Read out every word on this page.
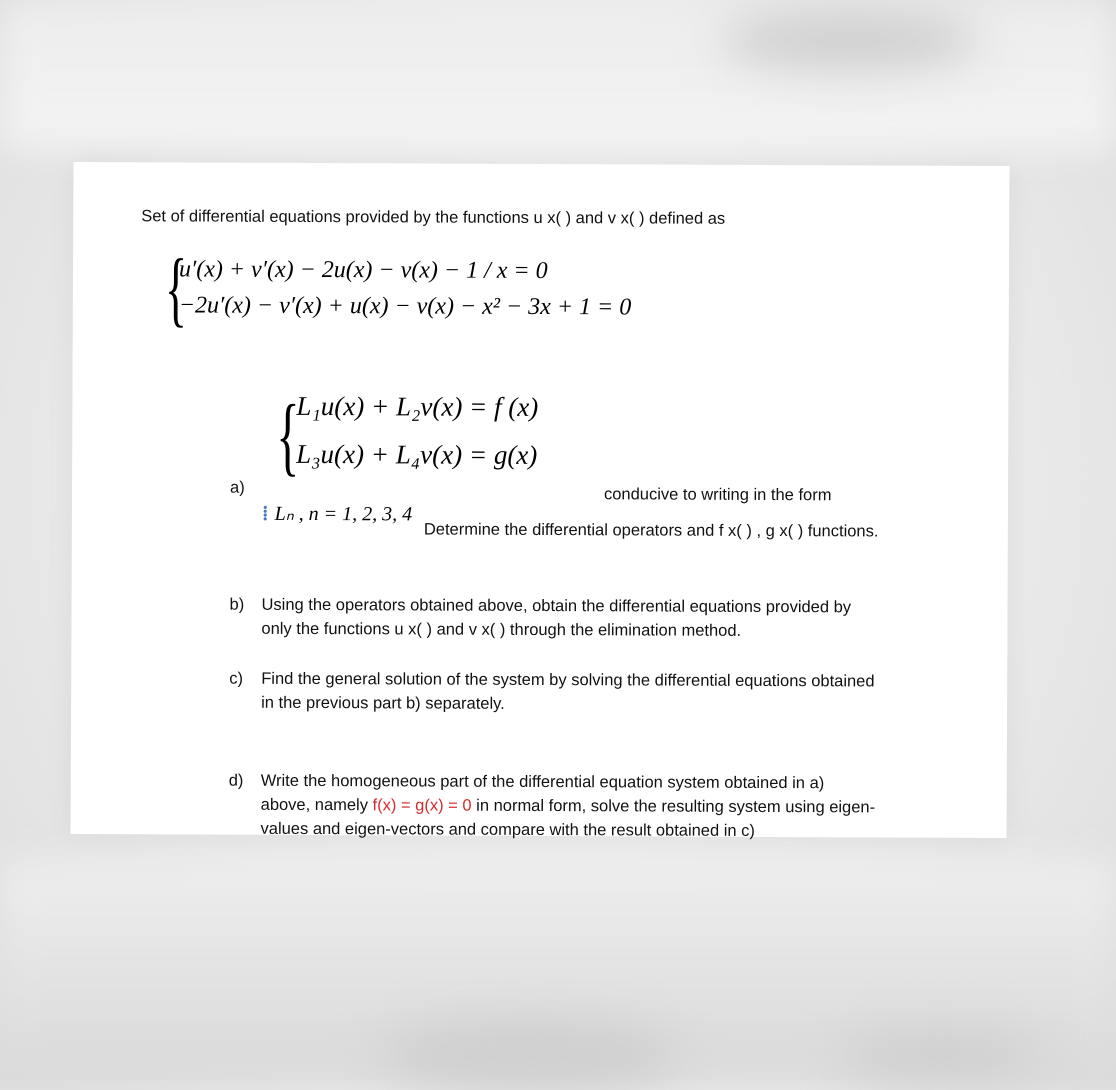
Set of differential equations provided by the functions u x( ) and v x( ) defined as
{
u′(x) + v′(x) − 2u(x) − v(x) − 1 / x = 0
−2u′(x) − v′(x) + u(x) − v(x) − x² − 3x + 1 = 0
{
L₁u(x) + L₂v(x) = f (x)
L₃u(x) + L₄v(x) = g(x)
a)	conducive to writing in the form
⁞ Lₙ , n = 1, 2, 3, 4
Determine the differential operators and f x( ) , g x( ) functions.
b) Using the operators obtained above, obtain the differential equations provided by
only the functions u x( ) and v x( ) through the elimination method.
c) Find the general solution of the system by solving the differential equations obtained
in the previous part b) separately.
d) Write the homogeneous part of the differential equation system obtained in a)
above, namely f(x) = g(x) = 0 in normal form, solve the resulting system using eigen-
values and eigen-vectors and compare with the result obtained in c)
